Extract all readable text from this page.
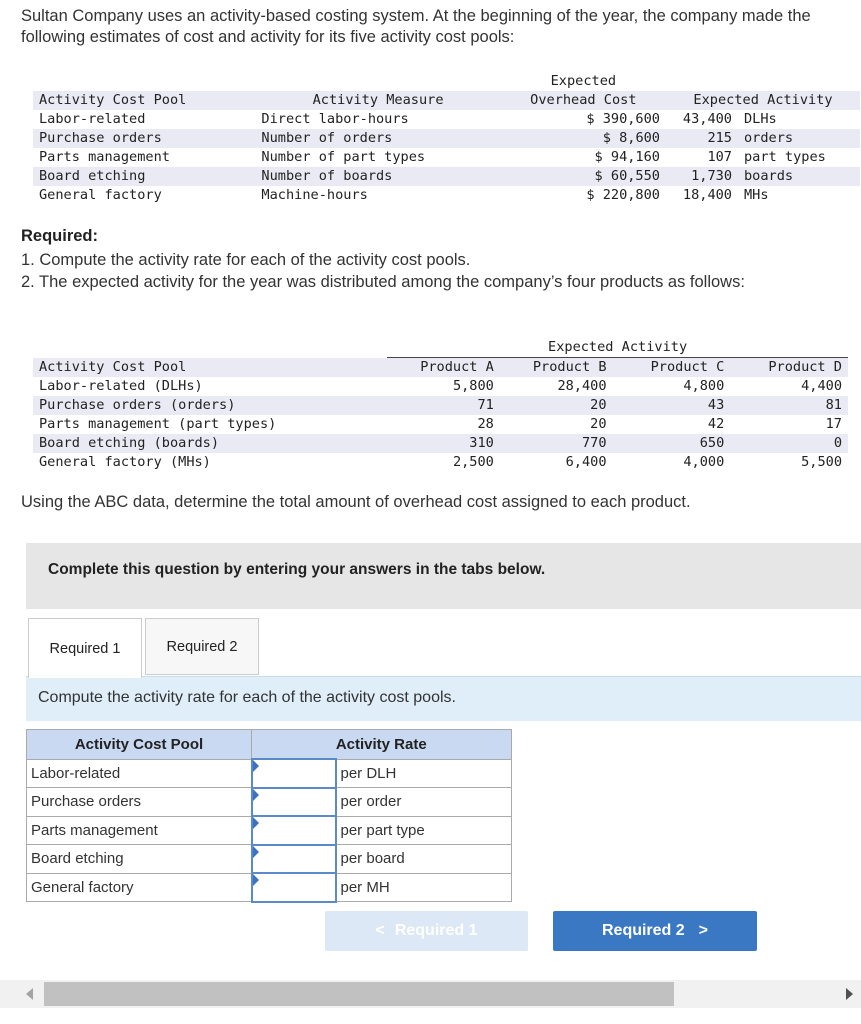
Sultan Company uses an activity-based costing system. At the beginning of the year, the company made the following estimates of cost and activity for its five activity cost pools:
		Expected		
Activity Cost Pool	Activity Measure	Overhead Cost	Expected Activity	
Labor-related	Direct labor-hours	$ 390,600	43,400	DLHs
Purchase orders	Number of orders	$ 8,600	215	orders
Parts management	Number of part types	$ 94,160	107	part types
Board etching	Number of boards	$ 60,550	1,730	boards
General factory	Machine-hours	$ 220,800	18,400	MHs
Required:
1. Compute the activity rate for each of the activity cost pools.
2. The expected activity for the year was distributed among the company’s four products as follows:
	Expected Activity			
Activity Cost Pool	Product A	Product B	Product C	Product D
Labor-related (DLHs)	5,800	28,400	4,800	4,400
Purchase orders (orders)	71	20	43	81
Parts management (part types)	28	20	42	17
Board etching (boards)	310	770	650	0
General factory (MHs)	2,500	6,400	4,000	5,500
Using the ABC data, determine the total amount of overhead cost assigned to each product.
Complete this question by entering your answers in the tabs below.
Required 1	Required 2
Compute the activity rate for each of the activity cost pools.
Activity Cost Pool	Activity Rate	
Labor-related		per DLH
Purchase orders		per order
Parts management		per part type
Board etching		per board
General factory		per MH
< Required 1	Required 2 >
